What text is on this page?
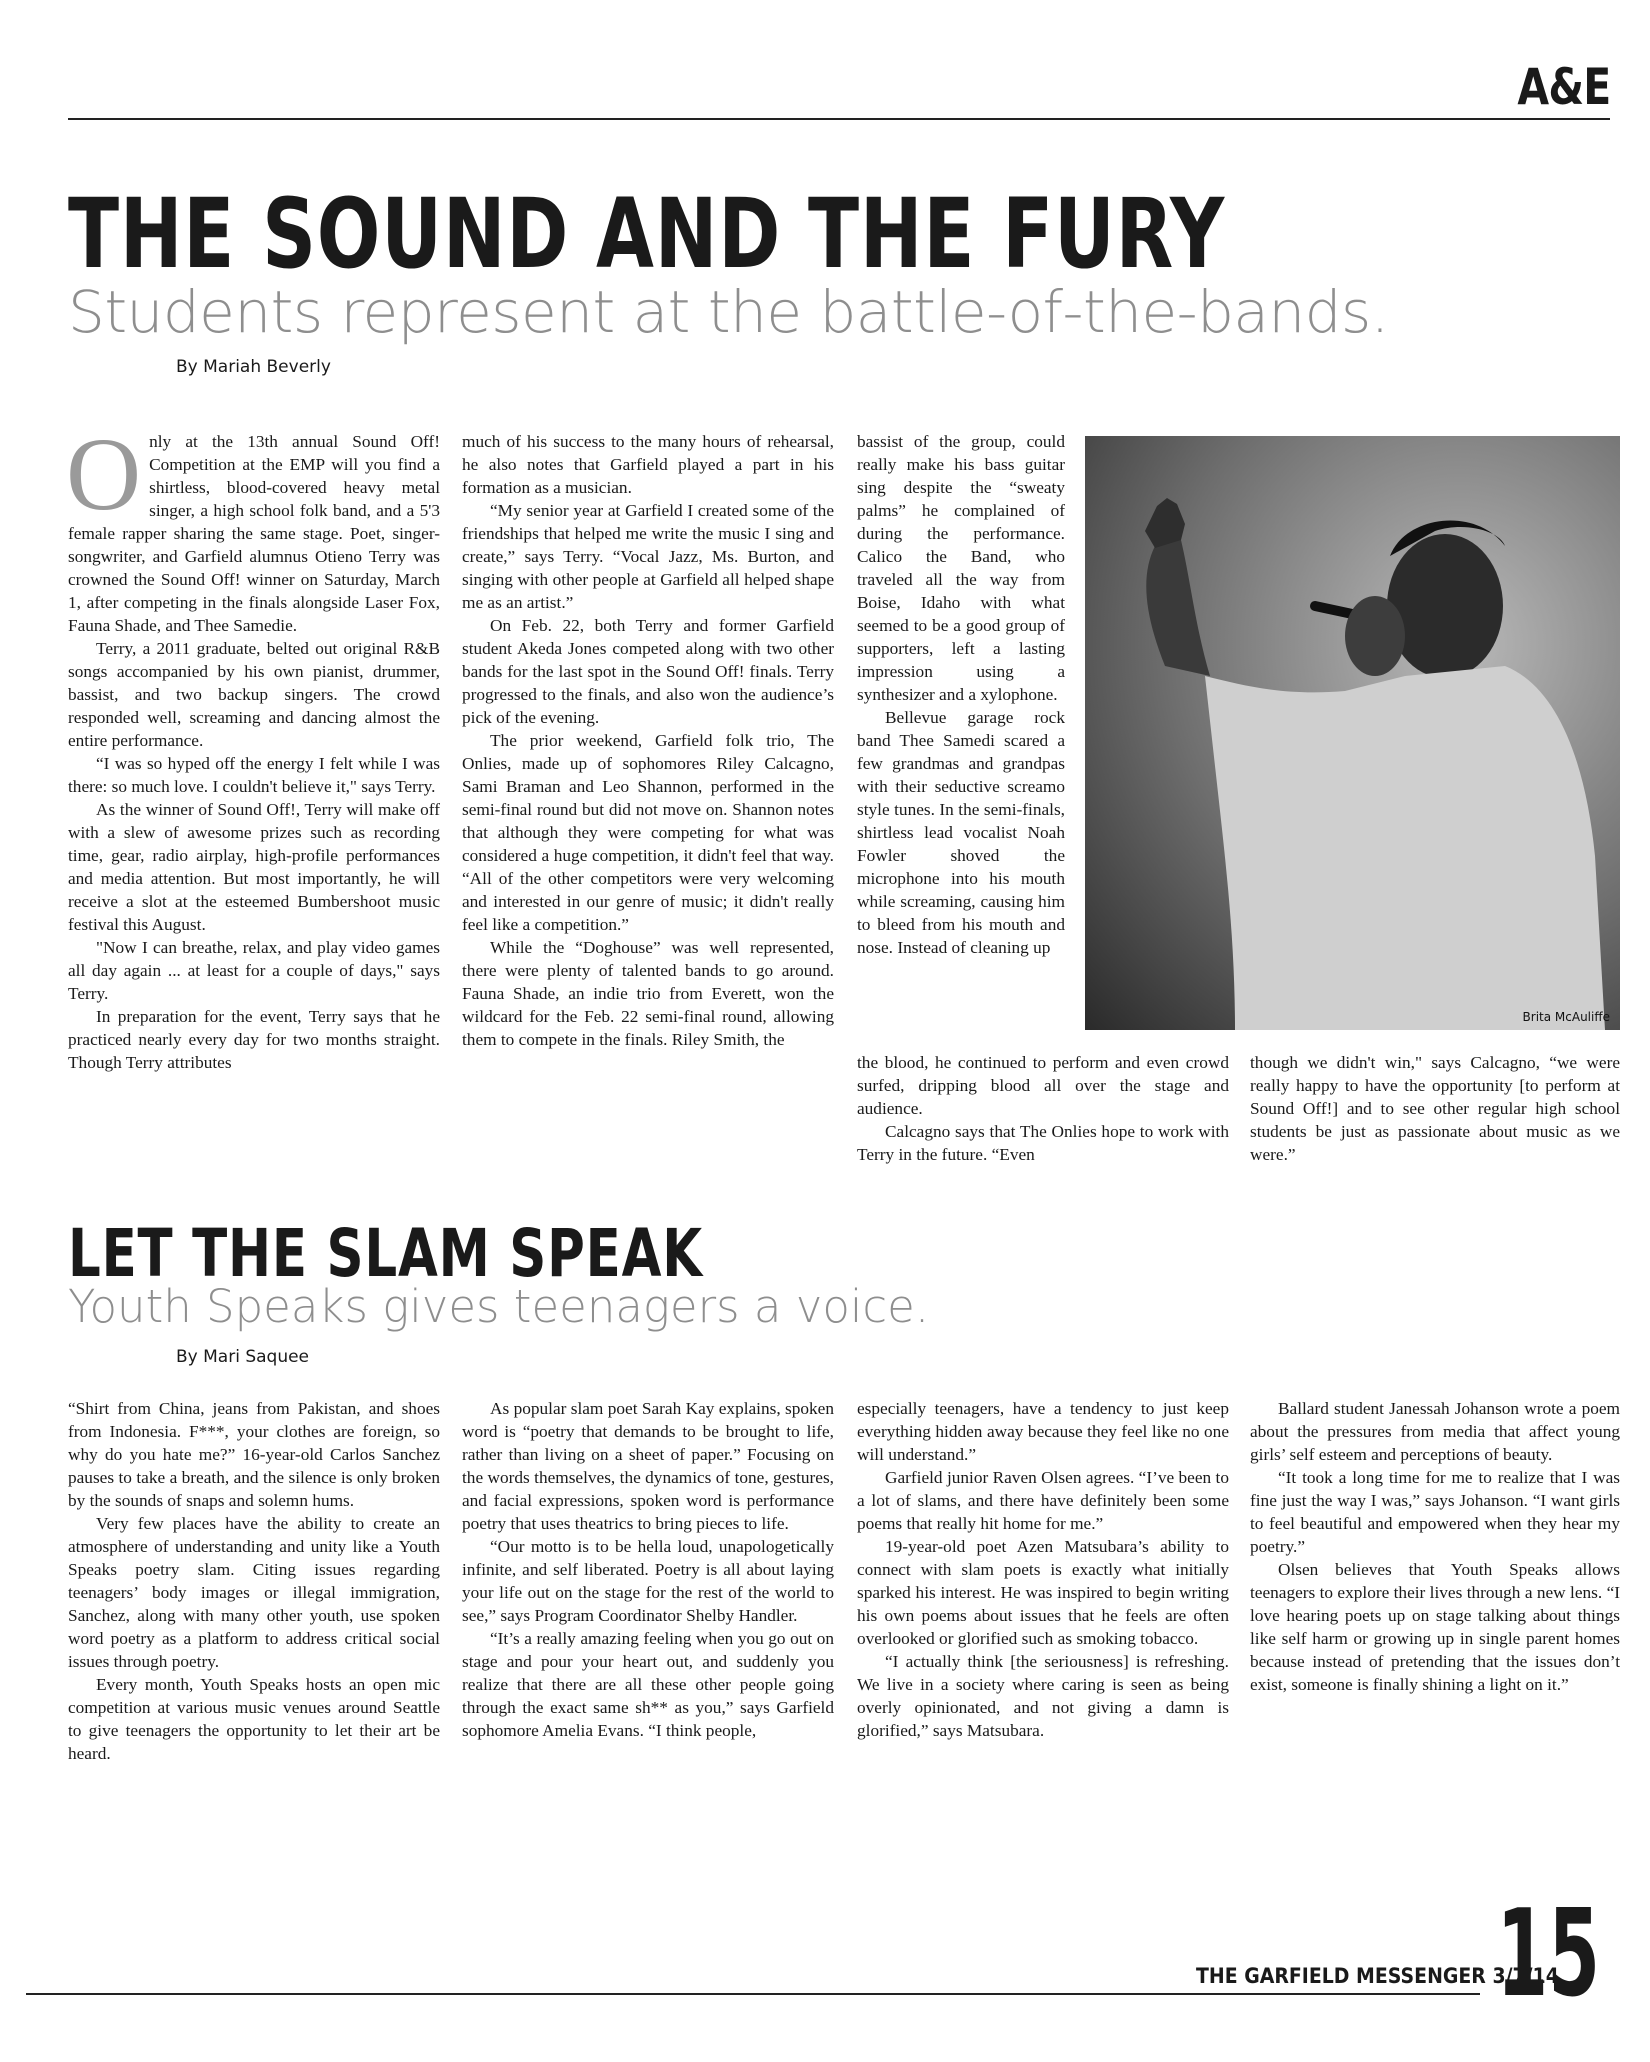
A&E
THE SOUND AND THE FURY
Students represent at the battle-of-the-bands.
By Mariah Beverly

Only at the 13th annual Sound Off! Competition at the EMP will you find a shirtless, blood-covered heavy metal singer, a high school folk band, and a 5'3 female rapper sharing the same stage. Poet, singer-songwriter, and Garfield alumnus Otieno Terry was crowned the Sound Off! winner on Saturday, March 1, after competing in the finals alongside Laser Fox, Fauna Shade, and Thee Samedie.

Terry, a 2011 graduate, belted out original R&B songs accompanied by his own pianist, drummer, bassist, and two backup singers. The crowd responded well, screaming and dancing almost the entire performance.

“I was so hyped off the energy I felt while I was there: so much love. I couldn't believe it," says Terry.

As the winner of Sound Off!, Terry will make off with a slew of awesome prizes such as recording time, gear, radio airplay, high-profile performances and media attention. But most importantly, he will receive a slot at the esteemed Bumbershoot music festival this August.

"Now I can breathe, relax, and play video games all day again ... at least for a couple of days," says Terry.

In preparation for the event, Terry says that he practiced nearly every day for two months straight. Though Terry attributes

much of his success to the many hours of rehearsal, he also notes that Garfield played a part in his formation as a musician.

“My senior year at Garfield I created some of the friendships that helped me write the music I sing and create,” says Terry. “Vocal Jazz, Ms. Burton, and singing with other people at Garfield all helped shape me as an artist.”

On Feb. 22, both Terry and former Garfield student Akeda Jones competed along with two other bands for the last spot in the Sound Off! finals. Terry progressed to the finals, and also won the audience’s pick of the evening.

The prior weekend, Garfield folk trio, The Onlies, made up of sophomores Riley Calcagno, Sami Braman and Leo Shannon, performed in the semi-final round but did not move on. Shannon notes that although they were competing for what was considered a huge competition, it didn't feel that way. “All of the other competitors were very welcoming and interested in our genre of music; it didn't really feel like a competition.”

While the “Doghouse” was well represented, there were plenty of talented bands to go around. Fauna Shade, an indie trio from Everett, won the wildcard for the Feb. 22 semi-final round, allowing them to compete in the finals. Riley Smith, the

bassist of the group, could really make his bass guitar sing despite the “sweaty palms” he complained of during the performance. Calico the Band, who traveled all the way from Boise, Idaho with what seemed to be a good group of supporters, left a lasting impression using a synthesizer and a xylophone.

Bellevue garage rock band Thee Samedi scared a few grandmas and grandpas with their seductive screamo style tunes. In the semi-finals, shirtless lead vocalist Noah Fowler shoved the microphone into his mouth while screaming, causing him to bleed from his mouth and nose. Instead of cleaning up

the blood, he continued to perform and even crowd surfed, dripping blood all over the stage and audience.

Calcagno says that The Onlies hope to work with Terry in the future. “Even

though we didn't win," says Calcagno, “we were really happy to have the opportunity [to perform at Sound Off!] and to see other regular high school students be just as passionate about music as we were.”

Brita McAuliffe
LET THE SLAM SPEAK
Youth Speaks gives teenagers a voice.
By Mari Saquee

“Shirt from China, jeans from Pakistan, and shoes from Indonesia. F***, your clothes are foreign, so why do you hate me?” 16-year-old Carlos Sanchez pauses to take a breath, and the silence is only broken by the sounds of snaps and solemn hums.

Very few places have the ability to create an atmosphere of understanding and unity like a Youth Speaks poetry slam. Citing issues regarding teenagers’ body images or illegal immigration, Sanchez, along with many other youth, use spoken word poetry as a platform to address critical social issues through poetry.

Every month, Youth Speaks hosts an open mic competition at various music venues around Seattle to give teenagers the opportunity to let their art be heard.

As popular slam poet Sarah Kay explains, spoken word is “poetry that demands to be brought to life, rather than living on a sheet of paper.” Focusing on the words themselves, the dynamics of tone, gestures, and facial expressions, spoken word is performance poetry that uses theatrics to bring pieces to life.

“Our motto is to be hella loud, unapologetically infinite, and self liberated. Poetry is all about laying your life out on the stage for the rest of the world to see,” says Program Coordinator Shelby Handler.

“It’s a really amazing feeling when you go out on stage and pour your heart out, and suddenly you realize that there are all these other people going through the exact same sh** as you,” says Garfield sophomore Amelia Evans. “I think people,

especially teenagers, have a tendency to just keep everything hidden away because they feel like no one will understand.”

Garfield junior Raven Olsen agrees. “I’ve been to a lot of slams, and there have definitely been some poems that really hit home for me.”

19-year-old poet Azen Matsubara’s ability to connect with slam poets is exactly what initially sparked his interest. He was inspired to begin writing his own poems about issues that he feels are often overlooked or glorified such as smoking tobacco.

“I actually think [the seriousness] is refreshing. We live in a society where caring is seen as being overly opinionated, and not giving a damn is glorified,” says Matsubara.

Ballard student Janessah Johanson wrote a poem about the pressures from media that affect young girls’ self esteem and perceptions of beauty.

“It took a long time for me to realize that I was fine just the way I was,” says Johanson. “I want girls to feel beautiful and empowered when they hear my poetry.”

Olsen believes that Youth Speaks allows teenagers to explore their lives through a new lens. “I love hearing poets up on stage talking about things like self harm or growing up in single parent homes because instead of pretending that the issues don’t exist, someone is finally shining a light on it.”

THE GARFIELD MESSENGER 3/7/14
15
